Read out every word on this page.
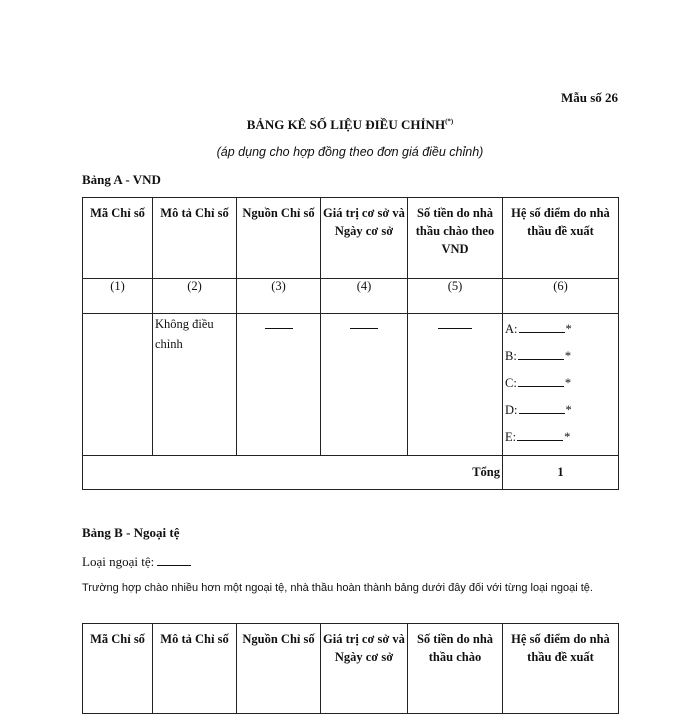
Mẫu số 26
BẢNG KÊ SỐ LIỆU ĐIỀU CHỈNH(*)
(áp dụng cho hợp đồng theo đơn giá điều chỉnh)
Bảng A - VND
Mã Chỉ số	Mô tả Chỉ số	Nguồn Chỉ số	Giá trị cơ sở và Ngày cơ sở	Số tiền do nhà thầu chào theo VND	Hệ số điểm do nhà thầu đề xuất
(1)	(2)	(3)	(4)	(5)	(6)
	Không điều chỉnh				A: *
B: *
C: *
D: *
E: *

Tổng					1
Bảng B - Ngoại tệ
Loại ngoại tệ:
Trường hợp chào nhiều hơn một ngoại tệ, nhà thầu hoàn thành bảng dưới đây đối với từng loại ngoại tệ.
Mã Chỉ số	Mô tả Chỉ số	Nguồn Chỉ số	Giá trị cơ sở và Ngày cơ sở	Số tiền do nhà thầu chào	Hệ số điểm do nhà thầu đề xuất
